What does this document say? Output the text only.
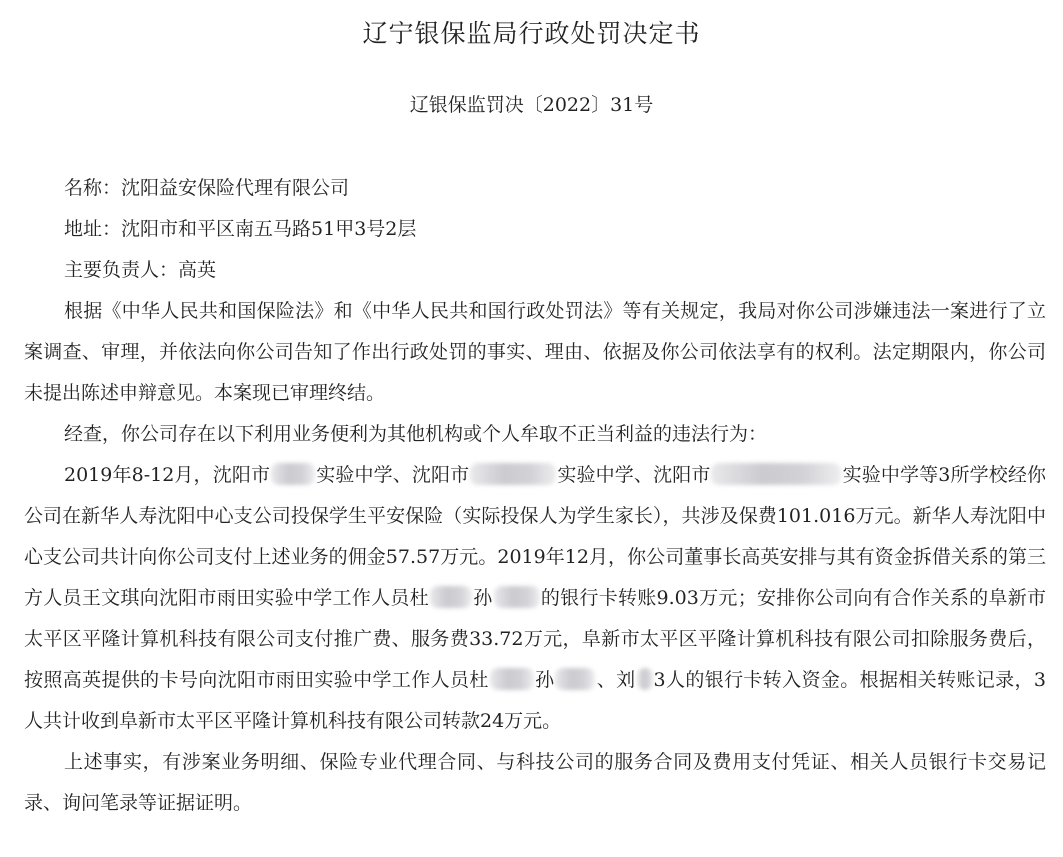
辽宁银保监局行政处罚决定书
辽银保监罚决〔2022〕31号

名称：沈阳益安保险代理有限公司

地址：沈阳市和平区南五马路51甲3号2层

主要负责人：高英

根据《中华人民共和国保险法》和《中华人民共和国行政处罚法》等有关规定，我局对你公司涉嫌违法一案进行了立案调查、审理，并依法向你公司告知了作出行政处罚的事实、理由、依据及你公司依法享有的权利。法定期限内，你公司未提出陈述申辩意见。本案现已审理终结。

经查，你公司存在以下利用业务便利为其他机构或个人牟取不正当利益的违法行为：

2019年8-12月，沈阳市 实验中学、沈阳市	实验中学、沈阳市	实验中学等3所学校经你公司在新华人寿沈阳中心支公司投保学生平安保险（实际投保人为学生家长），共涉及保费101.016万元。新华人寿沈阳中心支公司共计向你公司支付上述业务的佣金57.57万元。2019年12月，你公司董事长高英安排与其有资金拆借关系的第三方人员王文琪向沈阳市雨田实验中学工作人员杜 孙	的银行卡转账9.03万元；安排你公司向有合作关系的阜新市太平区平隆计算机科技有限公司支付推广费、服务费33.72万元，阜新市太平区平隆计算机科技有限公司扣除服务费后，按照高英提供的卡号向沈阳市雨田实验中学工作人员杜 孙 、刘 3人的银行卡转入资金。根据相关转账记录，3人共计收到阜新市太平区平隆计算机科技有限公司转款24万元。

上述事实，有涉案业务明细、保险专业代理合同、与科技公司的服务合同及费用支付凭证、相关人员银行卡交易记录、询问笔录等证据证明。
